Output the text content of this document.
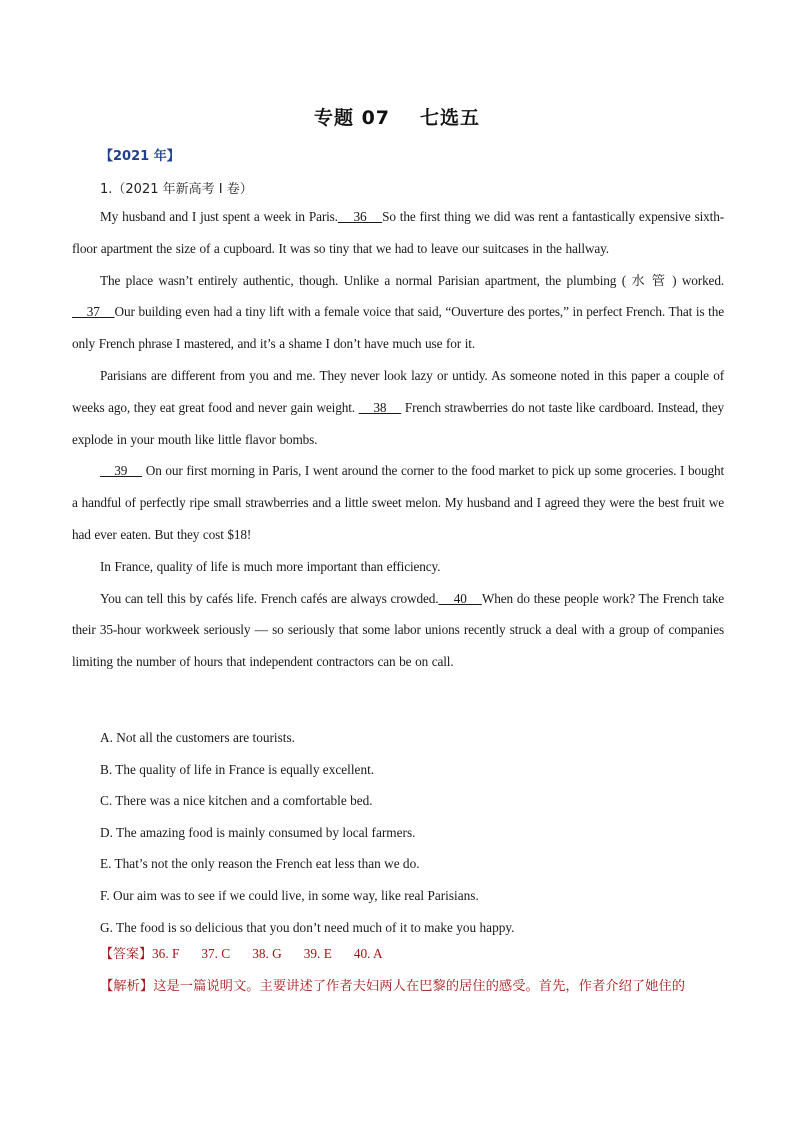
专题 07 七选五
【2021 年】
1.（2021 年新高考 I 卷）

My husband and I just spent a week in Paris.    36    So the first thing we did was rent a fantastically expensive sixth-floor apartment the size of a cupboard. It was so tiny that we had to leave our suitcases in the hallway.

The place wasn’t entirely authentic, though. Unlike a normal Parisian apartment, the plumbing ( 水 管 ) worked.     37    Our building even had a tiny lift with a female voice that said, “Ouverture des portes,” in perfect French. That is the only French phrase I mastered, and it’s a shame I don’t have much use for it.

Parisians are different from you and me. They never look lazy or untidy. As someone noted in this paper a couple of weeks ago, they eat great food and never gain weight.     38     French strawberries do not taste like cardboard. Instead, they explode in your mouth like little flavor bombs.

39     On our first morning in Paris, I went around the corner to the food market to pick up some groceries. I bought a handful of perfectly ripe small strawberries and a little sweet melon. My husband and I agreed they were the best fruit we had ever eaten. But they cost $18!

In France, quality of life is much more important than efficiency.

You can tell this by cafés life. French cafés are always crowded.    40    When do these people work? The French take their 35-hour workweek seriously — so seriously that some labor unions recently struck a deal with a group of companies limiting the number of hours that independent contractors can be on call.

A. Not all the customers are tourists.
B. The quality of life in France is equally excellent.
C. There was a nice kitchen and a comfortable bed.
D. The amazing food is mainly consumed by local farmers.
E. That’s not the only reason the French eat less than we do.
F. Our aim was to see if we could live, in some way, like real Parisians.
G. The food is so delicious that you don’t need much of it to make you happy.
【答案】36. F 37. C 38. G 39. E 40. A
【解析】这是一篇说明文。主要讲述了作者夫妇两人在巴黎的居住的感受。首先，作者介绍了她住的
